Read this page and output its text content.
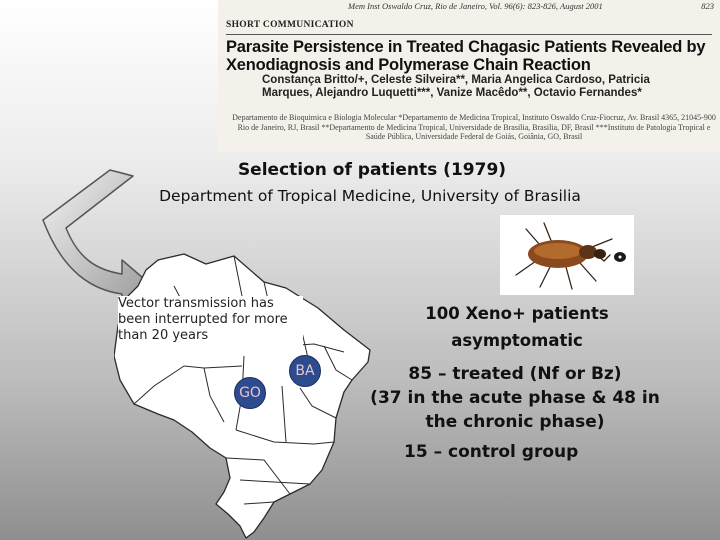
Mem Inst Oswaldo Cruz, Rio de Janeiro, Vol. 96(6): 823-826, August 2001	823
SHORT COMMUNICATION
Parasite Persistence in Treated Chagasic Patients Revealed by Xenodiagnosis and Polymerase Chain Reaction
Constança Britto/+, Celeste Silveira**, Maria Angelica Cardoso, Patricia Marques, Alejandro Luquetti***, Vanize Macêdo**, Octavio Fernandes*
Departamento de Bioquimica e Biologia Molecular *Departamento de Medicina Tropical, Instituto Oswaldo Cruz-Fiocruz, Av. Brasil 4365, 21045-900 Rio de Janeiro, RJ, Brasil **Departamento de Medicina Tropical, Universidade de Brasilia, Brasilia, DF, Brasil ***Instituto de Patologia Tropical e Saúde Pública, Universidade Federal de Goiás, Goiânia, GO, Brasil
Selection of patients (1979)
Department of Tropical Medicine, University of Brasilia
Vector transmission has been interrupted for more than 20 years
BA
GO
100 Xeno+ patients
asymptomatic
85 – treated (Nf or Bz)
(37 in the acute phase & 48 in
the chronic phase)
15 – control group
